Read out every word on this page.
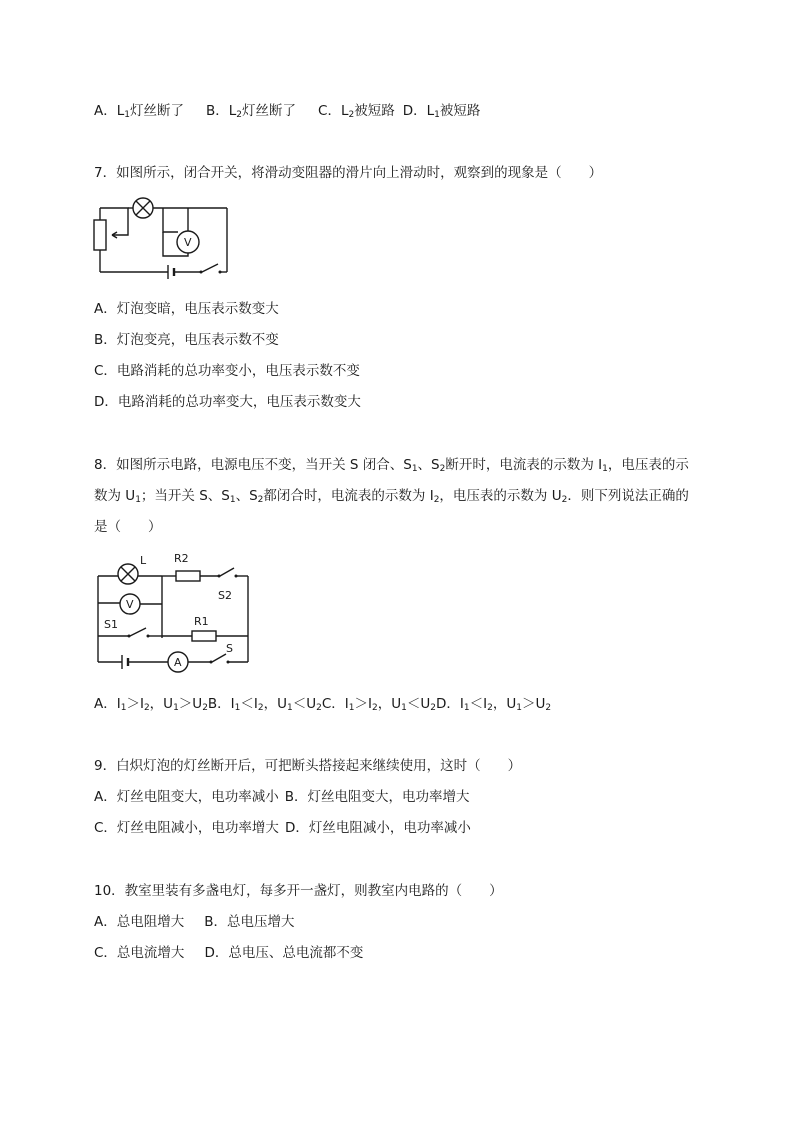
A．$L_1$灯丝断了 B．$L_2$灯丝断了 C．$L_2$被短路 D．$L_1$被短路
7．如图所示，闭合开关，将滑动变阻器的滑片向上滑动时，观察到的现象是（　　）
V
A．灯泡变暗，电压表示数变大
B．灯泡变亮，电压表示数不变
C．电路消耗的总功率变小，电压表示数不变
D．电路消耗的总功率变大，电压表示数变大
8．如图所示电路，电源电压不变，当开关 S 闭合、$S_1$、$S_2$断开时，电流表的示数为 $I_1$，电压表的示
数为 $U_1$；当开关 S、$S_1$、$S_2$都闭合时，电流表的示数为 $I_2$，电压表的示数为 $U_2$．则下列说法正确的
是（　　）
L	R2
S2
V
S1	R1
A
S
A．$I_1>I_2$，$U_1>U_2B$．$I_1<I_2$，$U_1<U_2C$．$I_1>I_2$，$U_1<U_2D$．$I_1<I_2$，$U_1>U_2$
9．白炽灯泡的灯丝断开后，可把断头搭接起来继续使用，这时（　　）
A．灯丝电阻变大，电功率减小 B．灯丝电阻变大，电功率增大
C．灯丝电阻减小，电功率增大 D．灯丝电阻减小，电功率减小
10．教室里装有多盏电灯，每多开一盏灯，则教室内电路的（　　）
A．总电阻增大 B．总电压增大
C．总电流增大 D．总电压、总电流都不变
